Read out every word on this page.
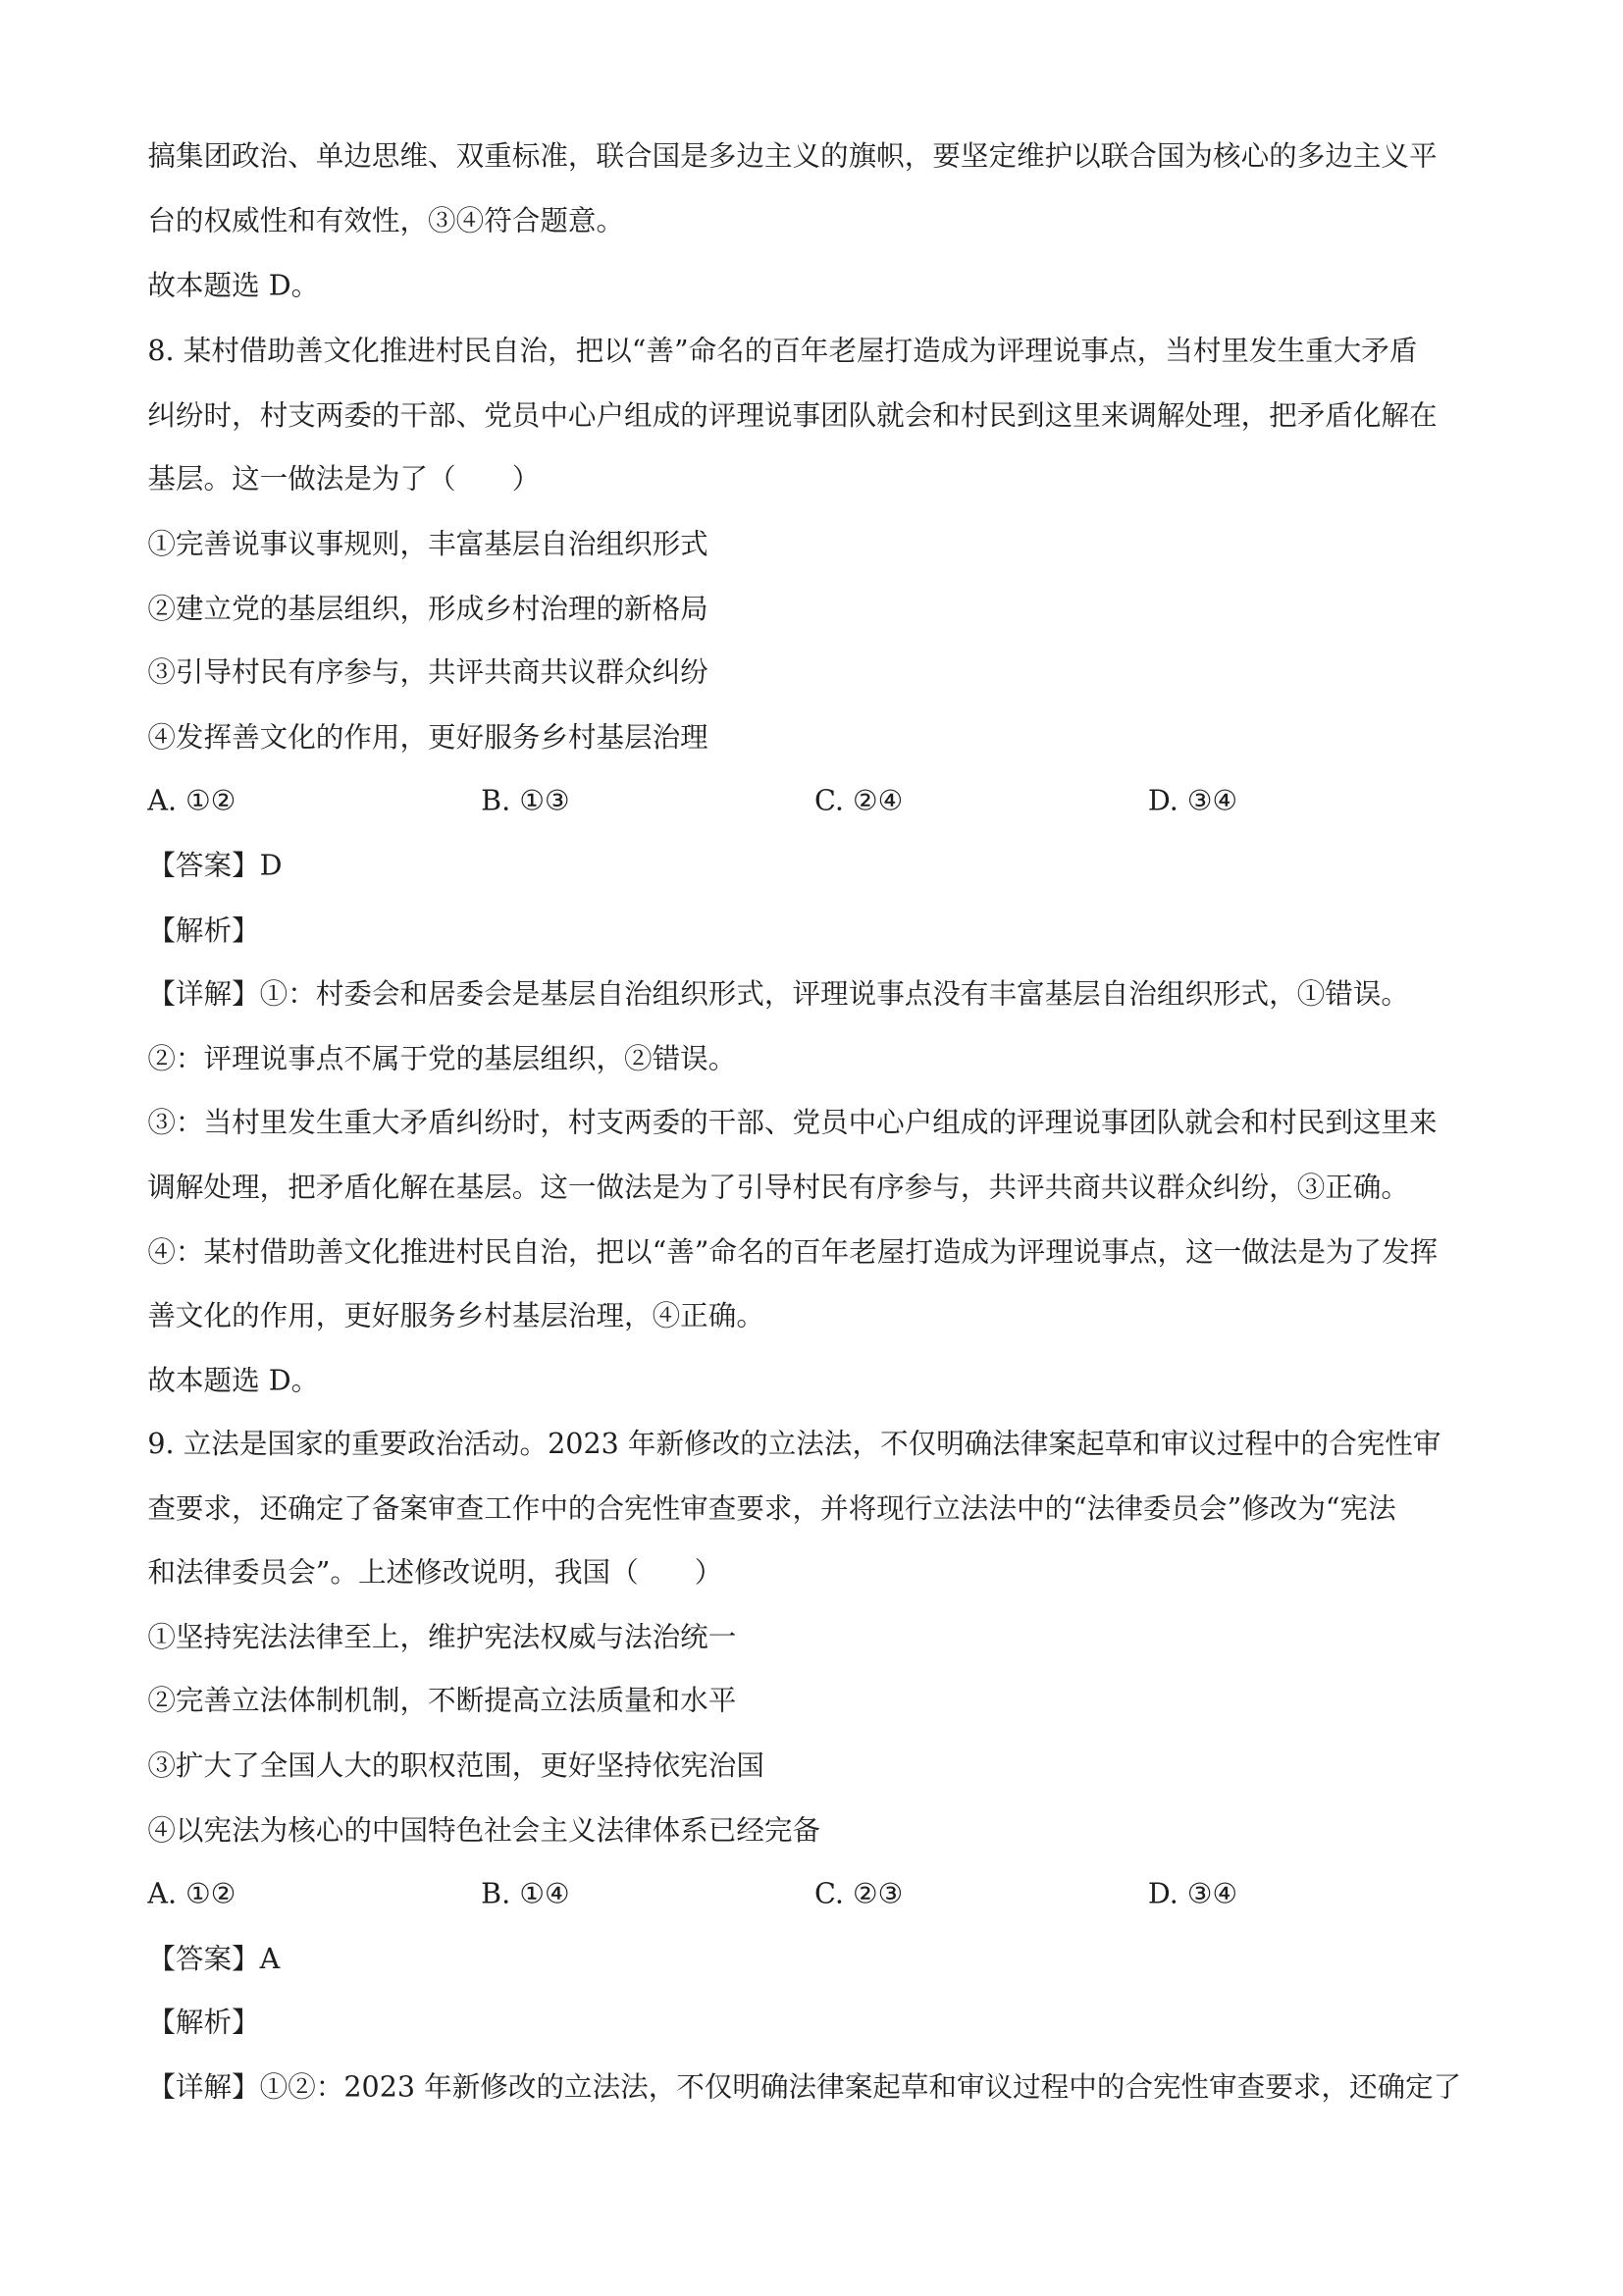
搞集团政治、单边思维、双重标准，联合国是多边主义的旗帜，要坚定维护以联合国为核心的多边主义平
台的权威性和有效性，③④符合题意。
故本题选 D。
8. 某村借助善文化推进村民自治，把以“善”命名的百年老屋打造成为评理说事点，当村里发生重大矛盾
纠纷时，村支两委的干部、党员中心户组成的评理说事团队就会和村民到这里来调解处理，把矛盾化解在
基层。这一做法是为了（　　）
①完善说事议事规则，丰富基层自治组织形式
②建立党的基层组织，形成乡村治理的新格局
③引导村民有序参与，共评共商共议群众纠纷
④发挥善文化的作用，更好服务乡村基层治理
A. ①②	B. ①③	C. ②④	D. ③④
【答案】D
【解析】
【详解】①：村委会和居委会是基层自治组织形式，评理说事点没有丰富基层自治组织形式，①错误。
②：评理说事点不属于党的基层组织，②错误。
③：当村里发生重大矛盾纠纷时，村支两委的干部、党员中心户组成的评理说事团队就会和村民到这里来
调解处理，把矛盾化解在基层。这一做法是为了引导村民有序参与，共评共商共议群众纠纷，③正确。
④：某村借助善文化推进村民自治，把以“善”命名的百年老屋打造成为评理说事点，这一做法是为了发挥
善文化的作用，更好服务乡村基层治理，④正确。
故本题选 D。
9. 立法是国家的重要政治活动。2023 年新修改的立法法，不仅明确法律案起草和审议过程中的合宪性审
查要求，还确定了备案审查工作中的合宪性审查要求，并将现行立法法中的“法律委员会”修改为“宪法
和法律委员会”。上述修改说明，我国（　　）
①坚持宪法法律至上，维护宪法权威与法治统一
②完善立法体制机制，不断提高立法质量和水平
③扩大了全国人大的职权范围，更好坚持依宪治国
④以宪法为核心的中国特色社会主义法律体系已经完备
A. ①②	B. ①④	C. ②③	D. ③④
【答案】A
【解析】
【详解】①②：2023 年新修改的立法法，不仅明确法律案起草和审议过程中的合宪性审查要求，还确定了
